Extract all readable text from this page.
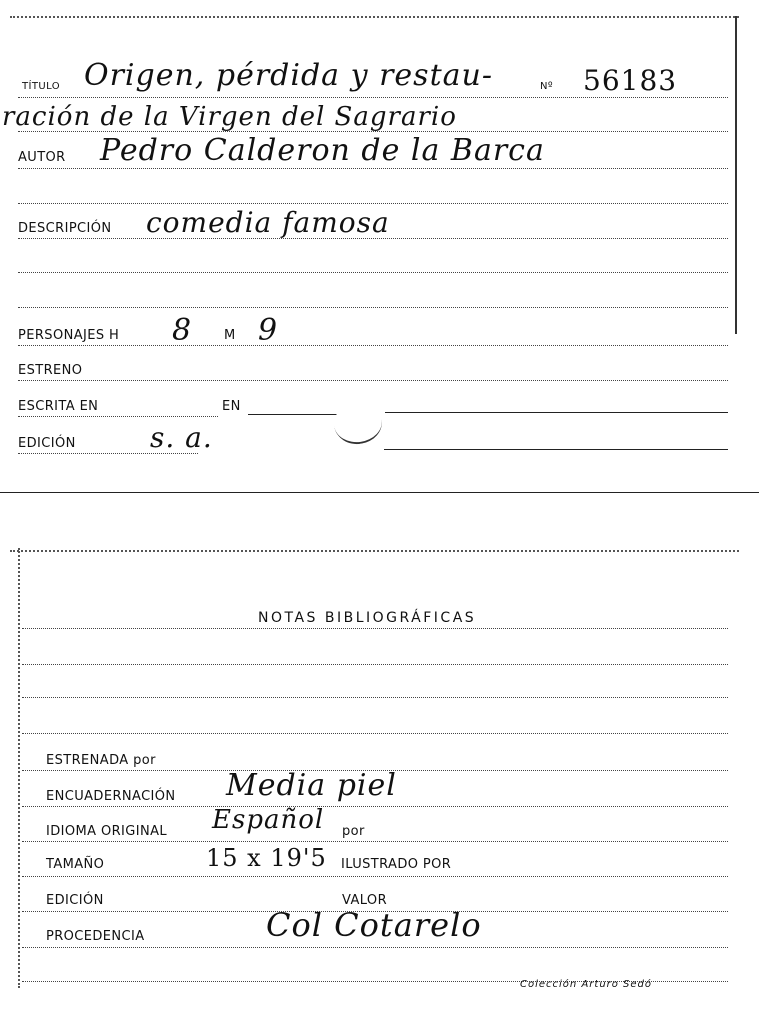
TÍTULO Origen, pérdida y restau-	Nº 56183
ración de la Virgen del Sagrario
AUTOR Pedro Calderon de la Barca
DESCRIPCIÓN comedia famosa
PERSONAJES H 8 M 9
ESTRENO
ESCRITA EN	EN
EDICIÓN	s. a.
NOTAS BIBLIOGRÁFICAS
ESTRENADA por
ENCUADERNACIÓN Media piel
IDIOMA ORIGINAL Español por
TAMAÑO	15 x 19'5 ILUSTRADO POR
EDICIÓN	VALOR
PROCEDENCIA	Col Cotarelo
Colección Arturo Sedó
